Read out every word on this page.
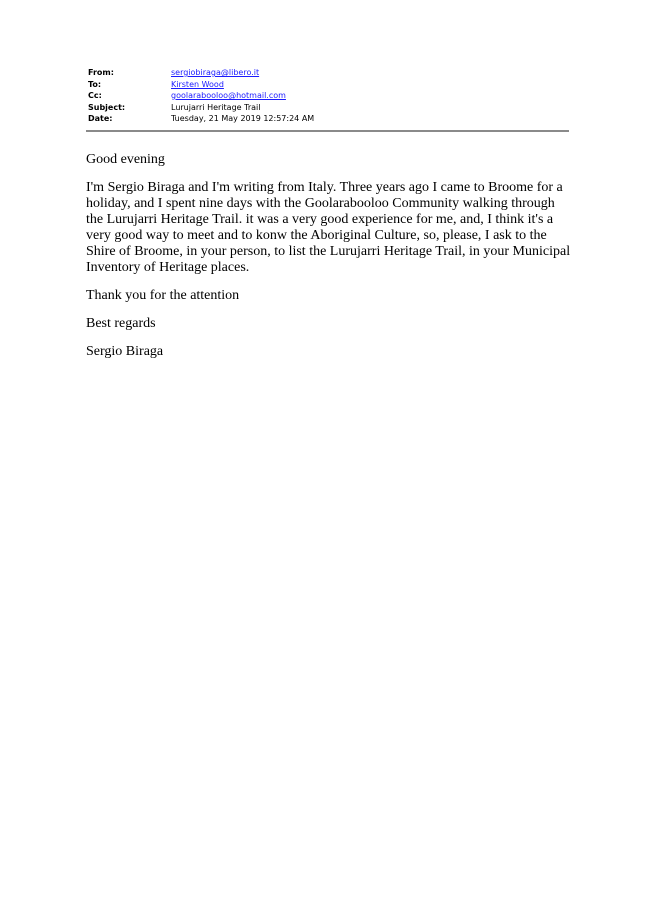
From:	sergiobiraga@libero.it
To:	Kirsten Wood
Cc:	goolarabooloo@hotmail.com
Subject:	Lurujarri Heritage Trail
Date:	Tuesday, 21 May 2019 12:57:24 AM

Good evening

I'm Sergio Biraga and I'm writing from Italy. Three years ago I came to Broome for a holiday, and I spent nine days with the Goolarabooloo Community walking through the Lurujarri Heritage Trail. it was a very good experience for me, and, I think it's a very good way to meet and to konw the Aboriginal Culture, so, please, I ask to the Shire of Broome, in your person, to list the Lurujarri Heritage Trail, in your Municipal Inventory of Heritage places.

Thank you for the attention

Best regards

Sergio Biraga
